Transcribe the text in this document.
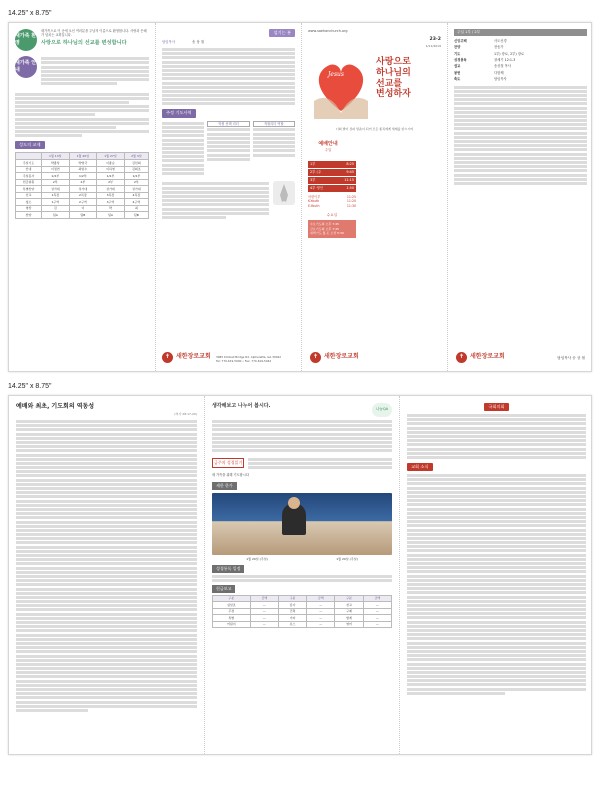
14.25" x 8.75"
14.25" x 8.75"
새가족 환영
새가족으로 이 곳에 오신 여러분을 주님의 이름으로 환영합니다. 사랑과 은혜가 넘치는 교회입니다.
사랑으로 하나님의 선교를 변성합니다
새가족 안내
성도의 교제
	1월 13일	1월 20일	1월 27일	2월 3일
주일기도	박종상	박영국	이종순	김선희
안내	이정연	최범수	이하영	김희조
주일봉사	1/2부	1/2부	1/2부	1/2부
헌금위원	2부	2부	2부	2부
특별찬양	성가대	성가대	성가대	성가대
친교	1목장	2목장	3목장	4목장
청소	1구역	2구역	3구역	4구역
영상	김	이	박	최
찬양	팀A	팀B	팀A	팀B
섬기는 분
담임목사	송 상 철
주정 기도사역
학원 선택 리더	직원리더 역할
✝ 새한장로교회 3085 Kimball Bridge Rd. Alpharetta, GA 30022
Tel: 770-619-5000 • Fax: 770-619-5042
www.saehanchurch.org
23-2
1/11/2019
Jesus
사랑으로
하나님의
선교를
변성하자
너희 발이 전파 말씀이 되어 모든 종족에게 세례를 받으시며
예배안내
주일
1부	8:25
2부 (주	9:45
3부	11:15
4부 영인	1:50
어린이부	11:25
K-Youth	11:20
E-Youth	11:30
수요일
수요기도회 오후 7:45
금요기도회 오후 7:45
새벽기도 월-토 오전 5:30
✝ 새한장로교회
주일 1부 / 2부
신앙고백	사도신경
찬양	찬송가
기도	1부) 장로, 2부) 장로
성경봉독	창세기 12:1-3
설교	송상철 목사
봉헌	다함께
축도	담임목사
✝ 새한장로교회	담임목사 송 상 철
예배와 최초, 기도회의 역동성
(역사 28:17-20)
생각해보고 나누어 봅시다.
나눔QA
금주의 성경읽기
새 가족을 위해 기도합시다
새한 한가
1월 20일 (주일)	1월 20일 (주일)
성경통독 일정
헌금보고
구분	금액	구분	금액	구분	금액
십일조	—	감사	—	선교	—
주정	—	건축	—	구제	—
특별	—	기타	—	합계	—
어린이	—	유스	—	영어	—
국회의회
교회 소식
